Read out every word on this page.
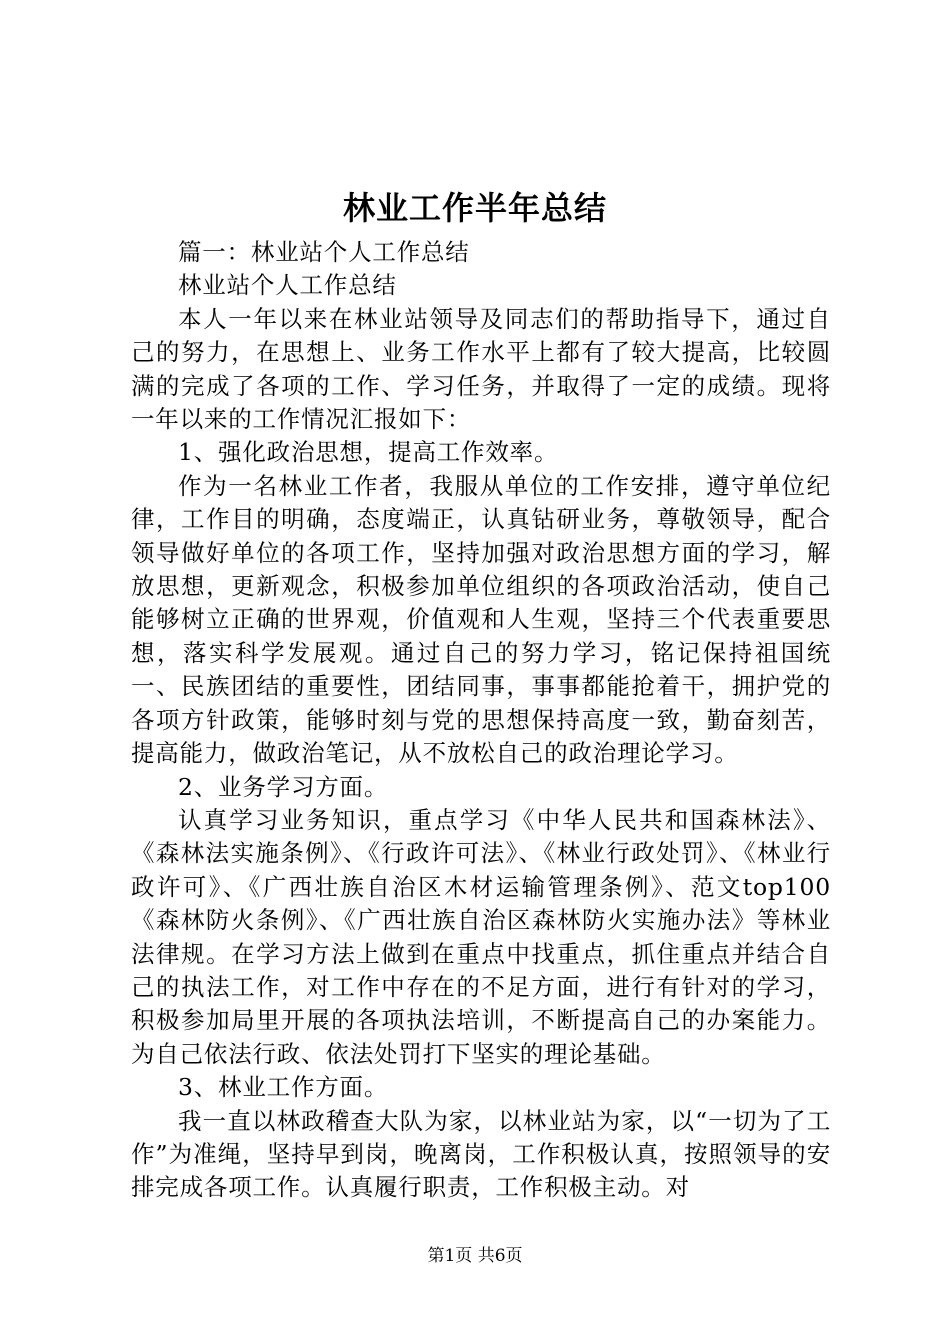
林业工作半年总结

篇一：林业站个人工作总结

林业站个人工作总结

本人一年以来在林业站领导及同志们的帮助指导下，通过自己的努力，在思想上、业务工作水平上都有了较大提高，比较圆满的完成了各项的工作、学习任务，并取得了一定的成绩。现将一年以来的工作情况汇报如下：

1、强化政治思想，提高工作效率。

作为一名林业工作者，我服从单位的工作安排，遵守单位纪律，工作目的明确，态度端正，认真钻研业务，尊敬领导，配合领导做好单位的各项工作，坚持加强对政治思想方面的学习，解放思想，更新观念，积极参加单位组织的各项政治活动，使自己能够树立正确的世界观，价值观和人生观，坚持三个代表重要思想，落实科学发展观。通过自己的努力学习，铭记保持祖国统一、民族团结的重要性，团结同事，事事都能抢着干，拥护党的各项方针政策，能够时刻与党的思想保持高度一致，勤奋刻苦，提高能力，做政治笔记，从不放松自己的政治理论学习。

2、业务学习方面。

认真学习业务知识，重点学习《中华人民共和国森林法》、《森林法实施条例》、《行政许可法》、《林业行政处罚》、《林业行政许可》、《广西壮族自治区木材运输管理条例》、范文top100《森林防火条例》、《广西壮族自治区森林防火实施办法》等林业法律规。在学习方法上做到在重点中找重点，抓住重点并结合自己的执法工作，对工作中存在的不足方面，进行有针对的学习，积极参加局里开展的各项执法培训，不断提高自己的办案能力。为自己依法行政、依法处罚打下坚实的理论基础。

3、林业工作方面。

我一直以林政稽查大队为家，以林业站为家，以“一切为了工作”为准绳，坚持早到岗，晚离岗，工作积极认真，按照领导的安排完成各项工作。认真履行职责，工作积极主动。对

第1页 共6页
